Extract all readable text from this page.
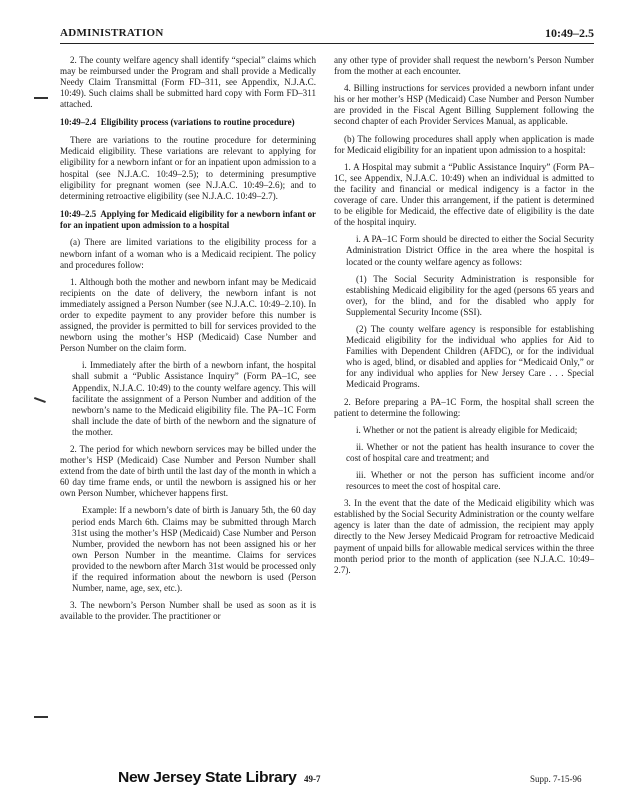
ADMINISTRATION	10:49–2.5

2. The county welfare agency shall identify “special” claims which may be reimbursed under the Program and shall provide a Medically Needy Claim Transmittal (Form FD–311, see Appendix, N.J.A.C. 10:49). Such claims shall be submitted hard copy with Form FD–311 attached.

10:49–2.4 Eligibility process (variations to routine procedure)

There are variations to the routine procedure for determining Medicaid eligibility. These variations are relevant to applying for eligibility for a newborn infant or for an inpatient upon admission to a hospital (see N.J.A.C. 10:49–2.5); to determining presumptive eligibility for pregnant women (see N.J.A.C. 10:49–2.6); and to determining retroactive eligibility (see N.J.A.C. 10:49–2.7).

10:49–2.5 Applying for Medicaid eligibility for a newborn infant or for an inpatient upon admission to a hospital

(a) There are limited variations to the eligibility process for a newborn infant of a woman who is a Medicaid recipient. The policy and procedures follow:

1. Although both the mother and newborn infant may be Medicaid recipients on the date of delivery, the newborn infant is not immediately assigned a Person Number (see N.J.A.C. 10:49–2.10). In order to expedite payment to any provider before this number is assigned, the provider is permitted to bill for services provided to the newborn using the mother’s HSP (Medicaid) Case Number and Person Number on the claim form.

i. Immediately after the birth of a newborn infant, the hospital shall submit a “Public Assistance Inquiry” (Form PA–1C, see Appendix, N.J.A.C. 10:49) to the county welfare agency. This will facilitate the assignment of a Person Number and addition of the newborn’s name to the Medicaid eligibility file. The PA–1C Form shall include the date of birth of the newborn and the signature of the mother.

2. The period for which newborn services may be billed under the mother’s HSP (Medicaid) Case Number and Person Number shall extend from the date of birth until the last day of the month in which a 60 day time frame ends, or until the newborn is assigned his or her own Person Number, whichever happens first.

Example: If a newborn’s date of birth is January 5th, the 60 day period ends March 6th. Claims may be submitted through March 31st using the mother’s HSP (Medicaid) Case Number and Person Number, provided the newborn has not been assigned his or her own Person Number in the meantime. Claims for services provided to the newborn after March 31st would be processed only if the required information about the newborn is used (Person Number, name, age, sex, etc.).

3. The newborn’s Person Number shall be used as soon as it is available to the provider. The practitioner or

any other type of provider shall request the newborn’s Person Number from the mother at each encounter.

4. Billing instructions for services provided a newborn infant under his or her mother’s HSP (Medicaid) Case Number and Person Number are provided in the Fiscal Agent Billing Supplement following the second chapter of each Provider Services Manual, as applicable.

(b) The following procedures shall apply when application is made for Medicaid eligibility for an inpatient upon admission to a hospital:

1. A Hospital may submit a “Public Assistance Inquiry” (Form PA–1C, see Appendix, N.J.A.C. 10:49) when an individual is admitted to the facility and financial or medical indigency is a factor in the coverage of care. Under this arrangement, if the patient is determined to be eligible for Medicaid, the effective date of eligibility is the date of the hospital inquiry.

i. A PA–1C Form should be directed to either the Social Security Administration District Office in the area where the hospital is located or the county welfare agency as follows:

(1) The Social Security Administration is responsible for establishing Medicaid eligibility for the aged (persons 65 years and over), for the blind, and for the disabled who apply for Supplemental Security Income (SSI).

(2) The county welfare agency is responsible for establishing Medicaid eligibility for the individual who applies for Aid to Families with Dependent Children (AFDC), or for the individual who is aged, blind, or disabled and applies for “Medicaid Only,” or for any individual who applies for New Jersey Care . . . Special Medicaid Programs.

2. Before preparing a PA–1C Form, the hospital shall screen the patient to determine the following:

i. Whether or not the patient is already eligible for Medicaid;

ii. Whether or not the patient has health insurance to cover the cost of hospital care and treatment; and

iii. Whether or not the person has sufficient income and/or resources to meet the cost of hospital care.

3. In the event that the date of the Medicaid eligibility which was established by the Social Security Administration or the county welfare agency is later than the date of admission, the recipient may apply directly to the New Jersey Medicaid Program for retroactive Medicaid payment of unpaid bills for allowable medical services within the three month period prior to the month of application (see N.J.A.C. 10:49–2.7).

New Jersey State Library 49-7	Supp. 7-15-96
